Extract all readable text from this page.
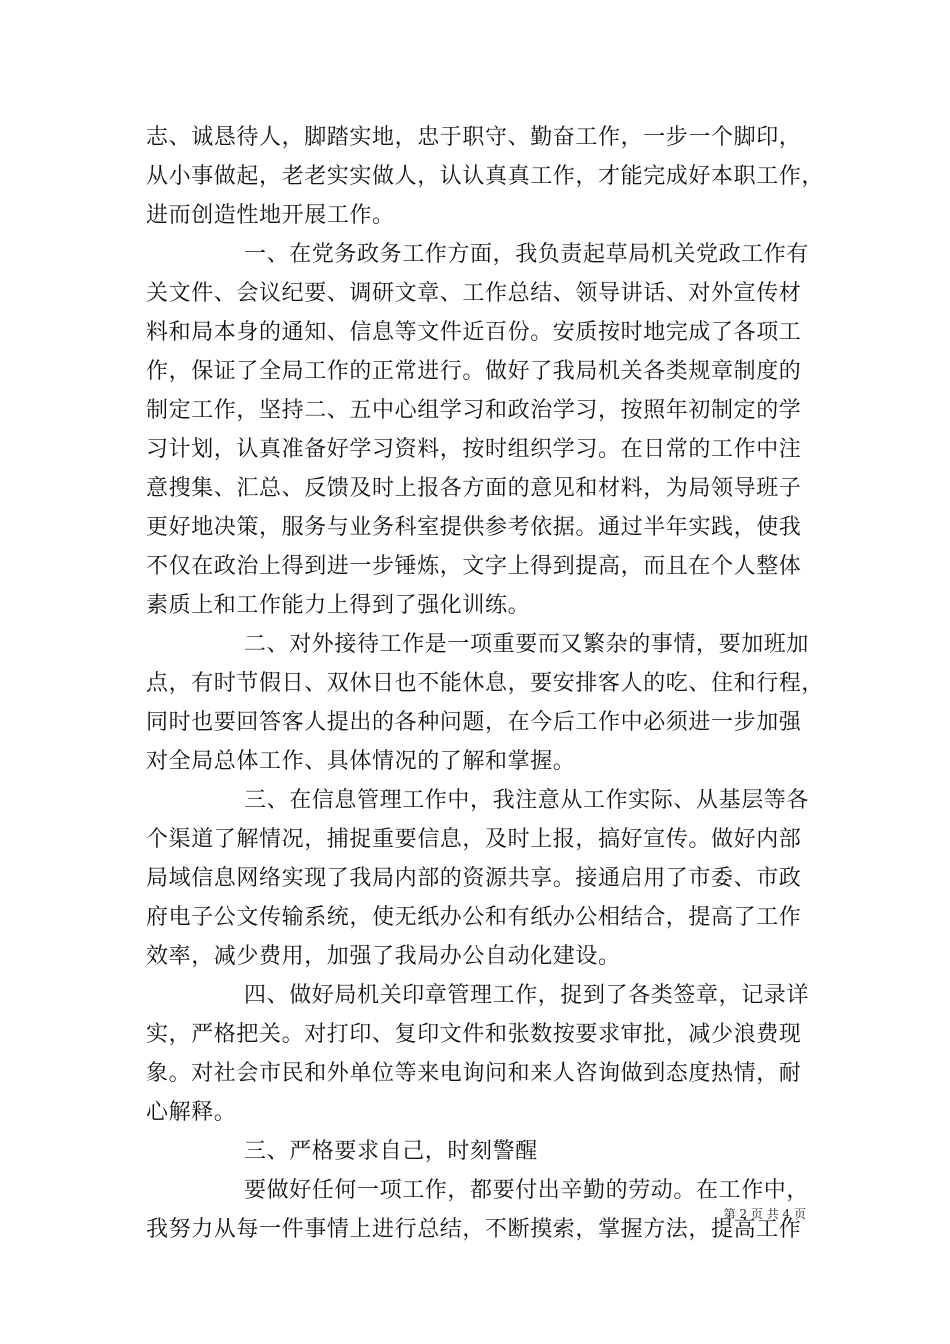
志、诚恳待人，脚踏实地，忠于职守、勤奋工作，一步一个脚印，
从小事做起，老老实实做人，认认真真工作，才能完成好本职工作，
进而创造性地开展工作。
一、在党务政务工作方面，我负责起草局机关党政工作有
关文件、会议纪要、调研文章、工作总结、领导讲话、对外宣传材
料和局本身的通知、信息等文件近百份。安质按时地完成了各项工
作，保证了全局工作的正常进行。做好了我局机关各类规章制度的
制定工作，坚持二、五中心组学习和政治学习，按照年初制定的学
习计划，认真准备好学习资料，按时组织学习。在日常的工作中注
意搜集、汇总、反馈及时上报各方面的意见和材料，为局领导班子
更好地决策，服务与业务科室提供参考依据。通过半年实践，使我
不仅在政治上得到进一步锤炼，文字上得到提高，而且在个人整体
素质上和工作能力上得到了强化训练。
二、对外接待工作是一项重要而又繁杂的事情，要加班加
点，有时节假日、双休日也不能休息，要安排客人的吃、住和行程，
同时也要回答客人提出的各种问题，在今后工作中必须进一步加强
对全局总体工作、具体情况的了解和掌握。
三、在信息管理工作中，我注意从工作实际、从基层等各
个渠道了解情况，捕捉重要信息，及时上报，搞好宣传。做好内部
局域信息网络实现了我局内部的资源共享。接通启用了市委、市政
府电子公文传输系统，使无纸办公和有纸办公相结合，提高了工作
效率，减少费用，加强了我局办公自动化建设。
四、做好局机关印章管理工作，捉到了各类签章，记录详
实，严格把关。对打印、复印文件和张数按要求审批，减少浪费现
象。对社会市民和外单位等来电询问和来人咨询做到态度热情，耐
心解释。
三、严格要求自己，时刻警醒
要做好任何一项工作，都要付出辛勤的劳动。在工作中，
我努力从每一件事情上进行总结，不断摸索，掌握方法，提高工作
第 2 页 共 4 页
